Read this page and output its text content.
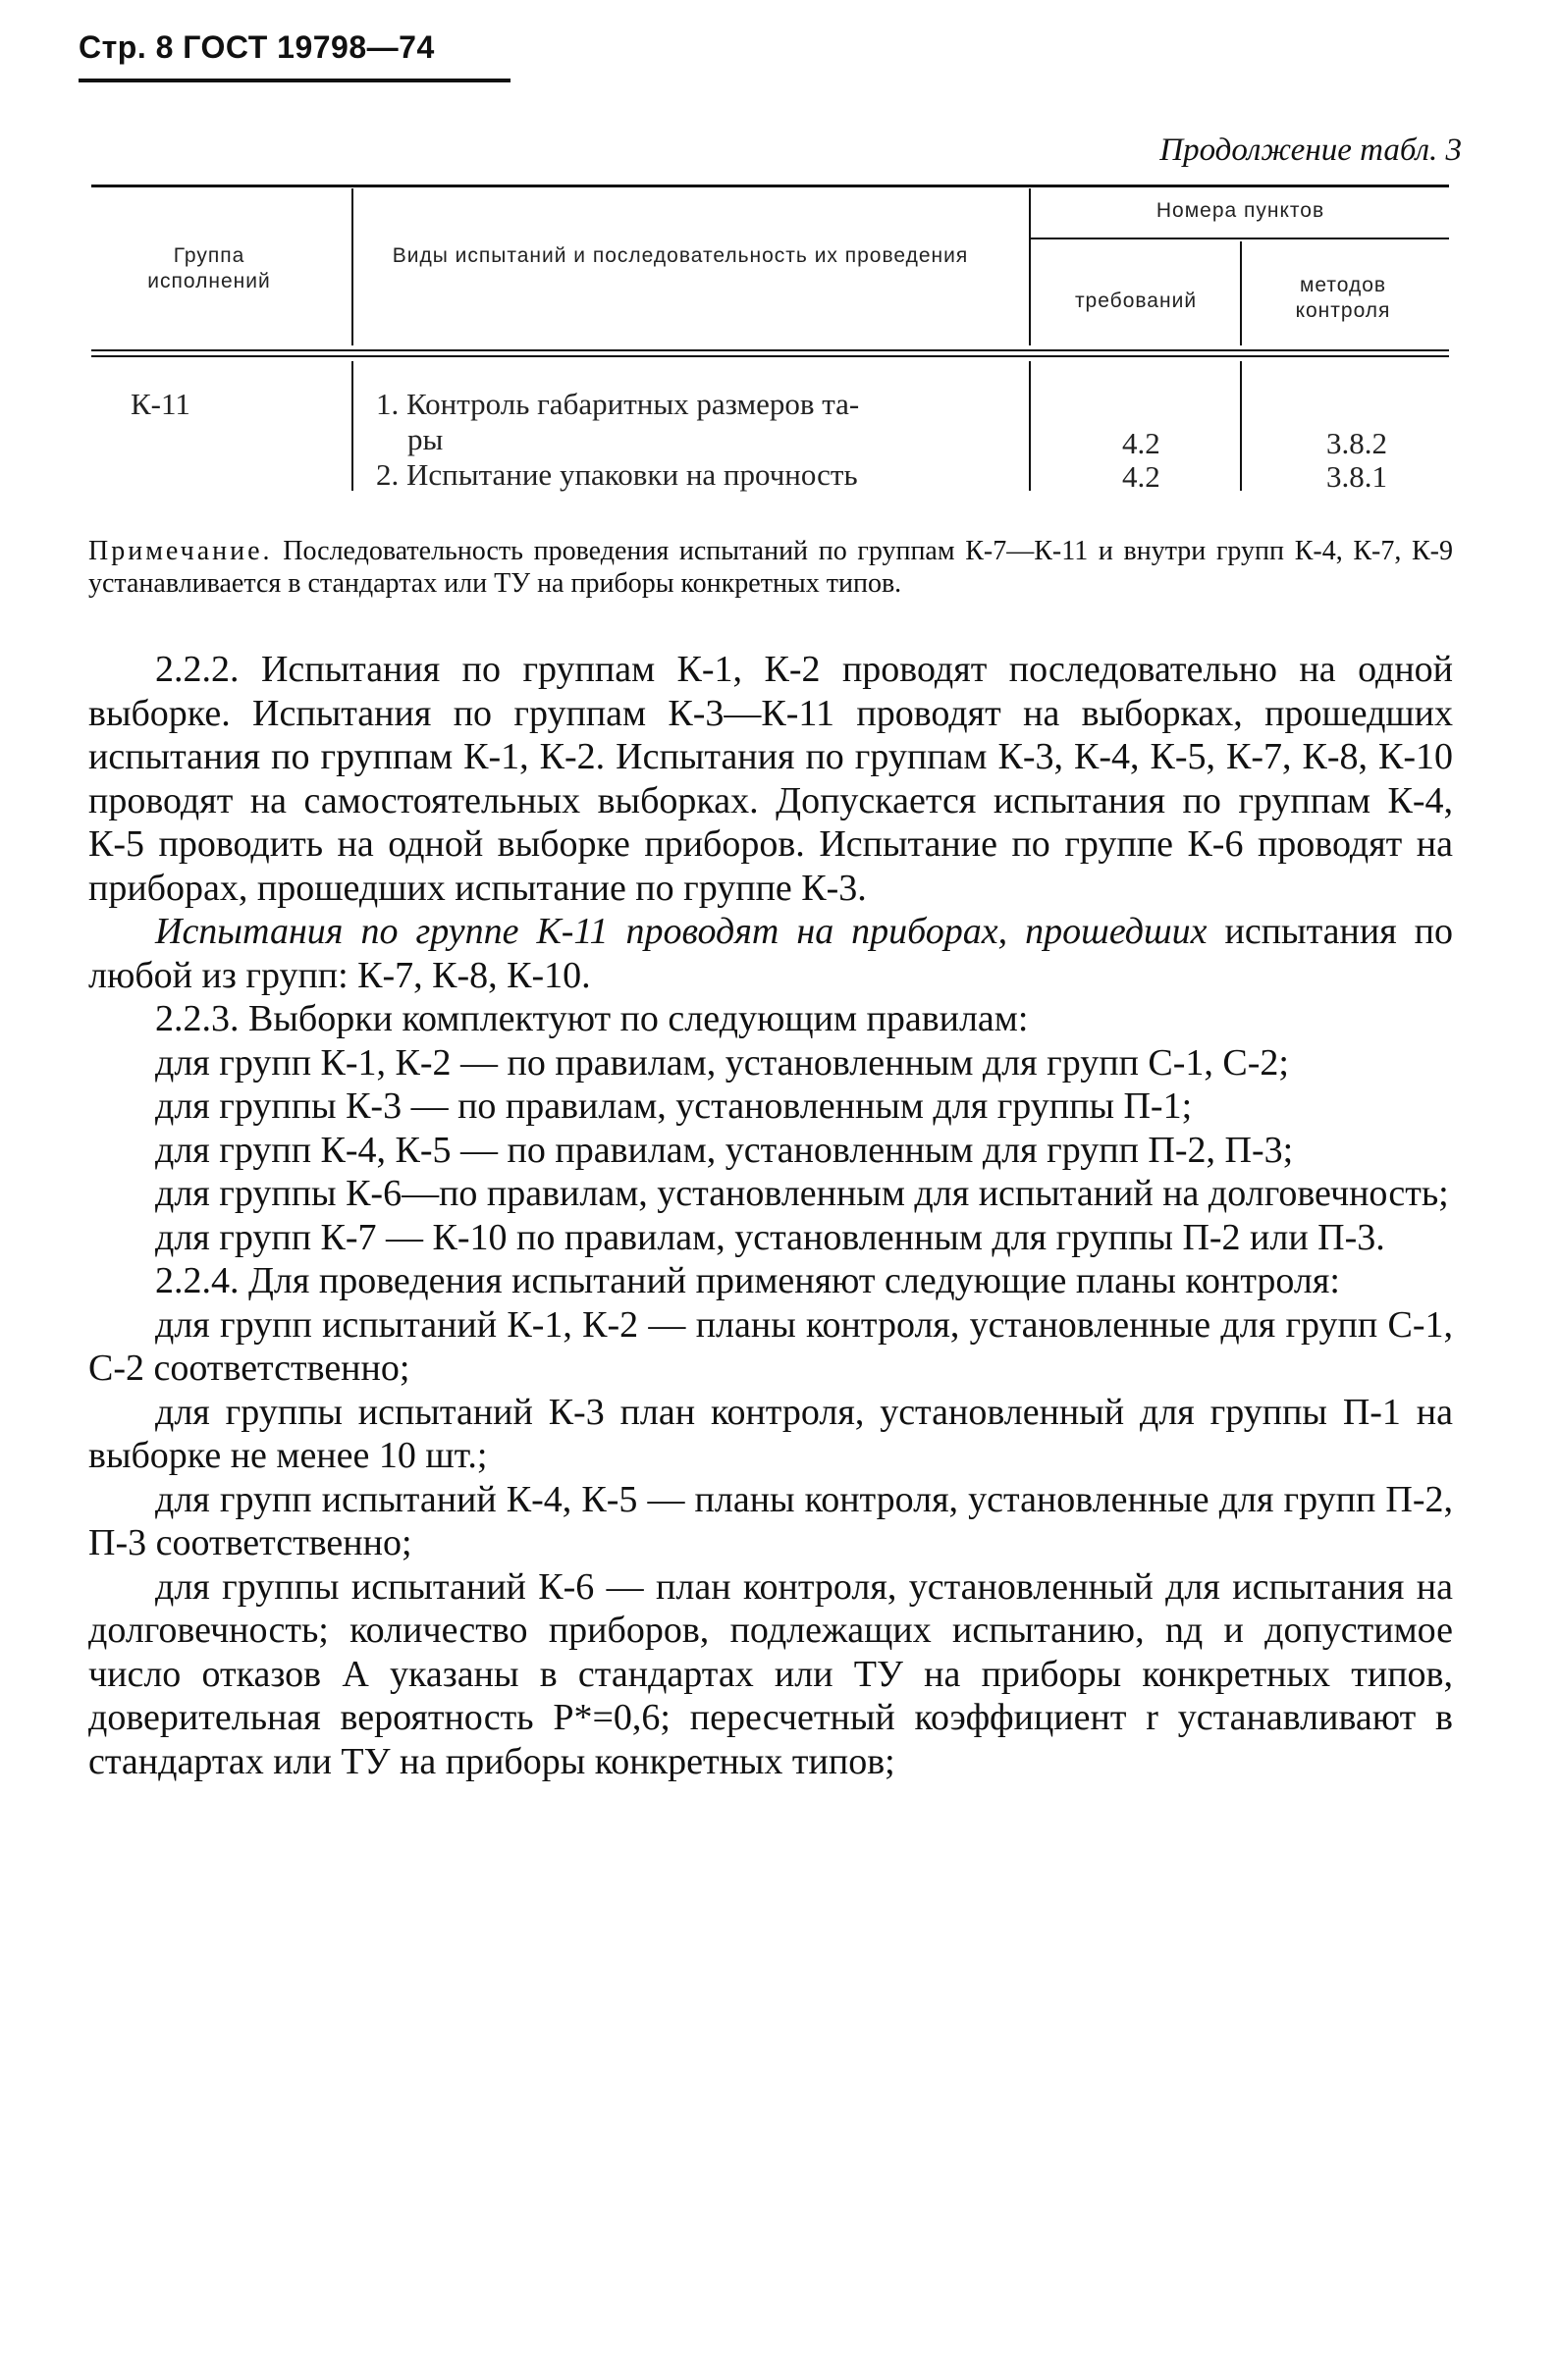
Стр. 8 ГОСТ 19798—74
Продолжение табл. 3
Группа исполнений
Виды испытаний и последовательность их проведения
Номера пунктов
требований
методов контроля
К-11	1. Контроль габаритных размеров та-
ры
2. Испытание упаковки на прочность
4.2
4.2
3.8.2
3.8.1
Примечание. Последовательность проведения испытаний по группам К-7—К-11 и внутри групп К-4, К-7, К-9 устанавливается в стандартах или ТУ на приборы конкретных типов.

2.2.2. Испытания по группам К-1, К-2 проводят последовательно на одной выборке. Испытания по группам К-3—К-11 проводят на выборках, прошедших испытания по группам К-1, К-2. Испытания по группам К-3, К-4, К-5, К-7, К-8, К-10 проводят на самостоятельных выборках. Допускается испытания по группам К-4, К-5 проводить на одной выборке приборов. Испытание по группе К-6 проводят на приборах, прошедших испытание по группе К-3.

Испытания по группе К-11 проводят на приборах, прошедших испытания по любой из групп: К-7, К-8, К-10.

2.2.3. Выборки комплектуют по следующим правилам:

для групп К-1, К-2 — по правилам, установленным для групп С-1, С-2;

для группы К-3 — по правилам, установленным для группы П-1;

для групп К-4, К-5 — по правилам, установленным для групп П-2, П-3;

для группы К-6—по правилам, установленным для испытаний на долговечность;

для групп К-7 — К-10 по правилам, установленным для группы П-2 или П-3.

2.2.4. Для проведения испытаний применяют следующие планы контроля:

для групп испытаний К-1, К-2 — планы контроля, установленные для групп С-1, С-2 соответственно;

для группы испытаний К-3 план контроля, установленный для группы П-1 на выборке не менее 10 шт.;

для групп испытаний К-4, К-5 — планы контроля, установленные для групп П-2, П-3 соответственно;

для группы испытаний К-6 — план контроля, установленный для испытания на долговечность; количество приборов, подлежащих испытанию, nд и допустимое число отказов А указаны в стандартах или ТУ на приборы конкретных типов, доверительная вероятность P*=0,6; пересчетный коэффициент r устанавливают в стандартах или ТУ на приборы конкретных типов;
